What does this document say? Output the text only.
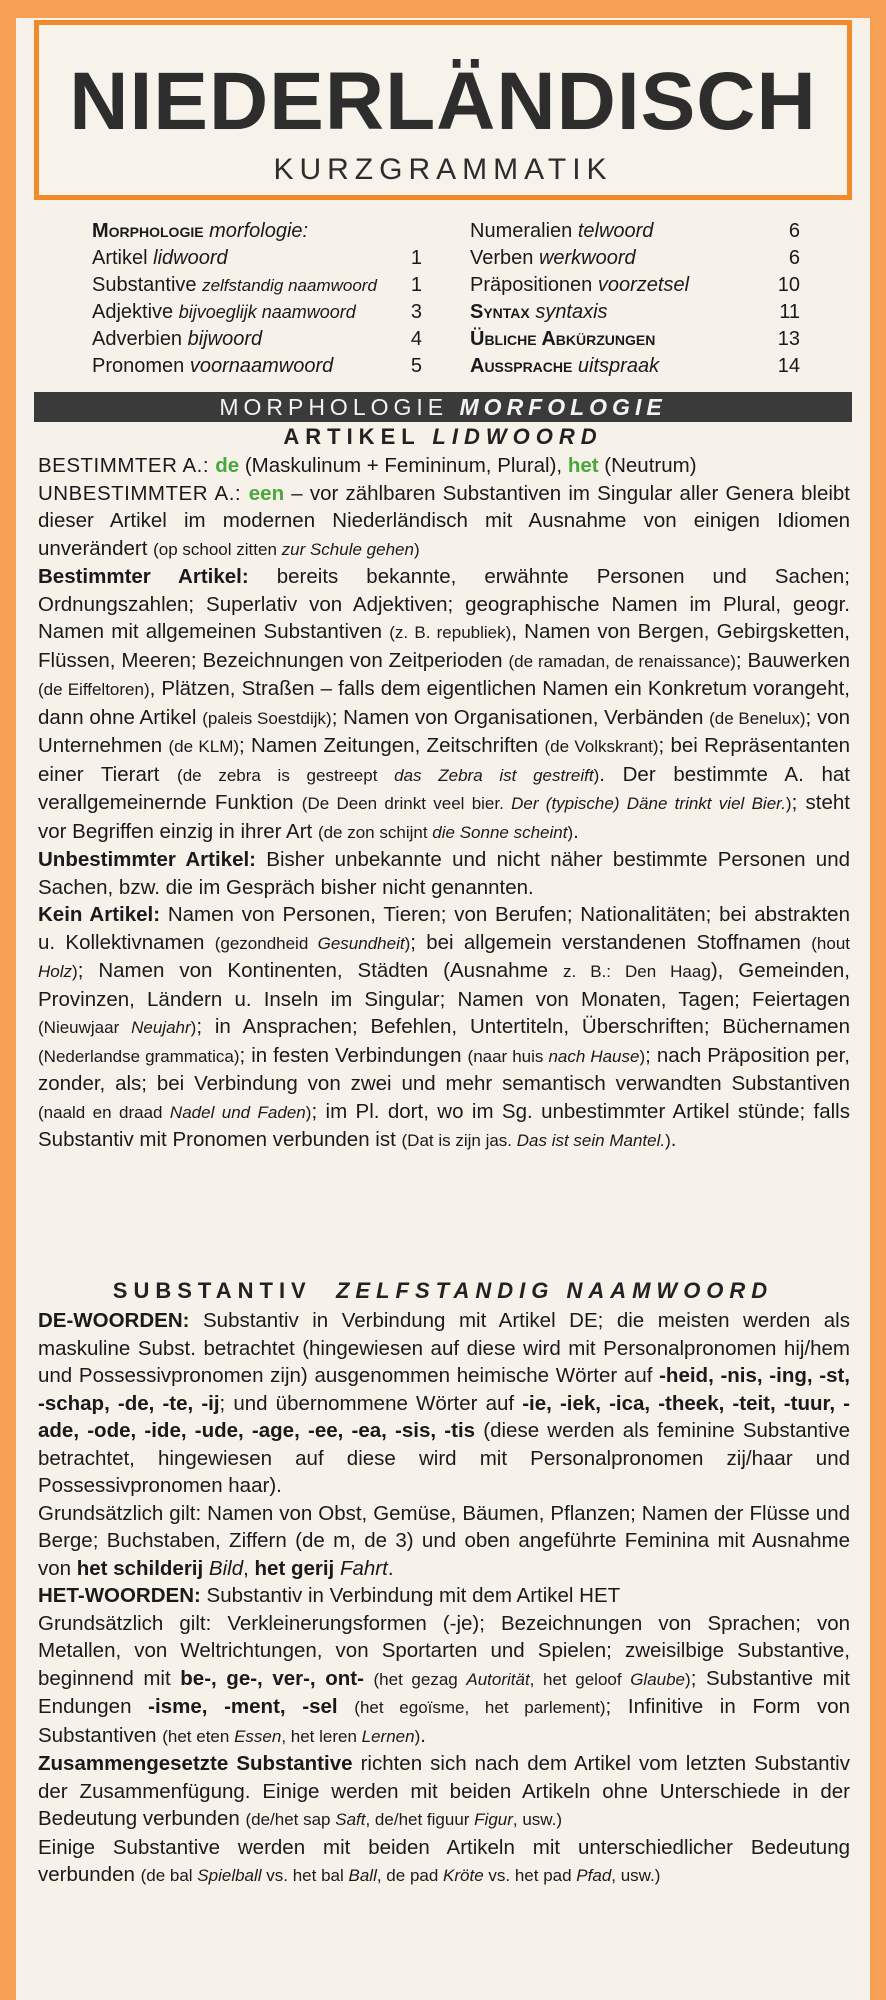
NIEDERLÄNDISCH
KURZGRAMMATIK
Morphologie morfologie:
Artikel lidwoord	1
Substantive zelfstandig naamwoord 1
Adjektive bijvoeglijk naamwoord	3
Adverbien bijwoord	4
Pronomen voornaamwoord	5
Numeralien telwoord	6
Verben werkwoord	6
Präpositionen voorzetsel	10
Syntax syntaxis	11
Übliche Abkürzungen	13
Aussprache uitspraak	14
MORPHOLOGIE MORFOLOGIE
ARTIKEL LIDWOORD

BESTIMMTER A.: de (Maskulinum + Femininum, Plural), het (Neutrum)

UNBESTIMMTER A.: een – vor zählbaren Substantiven im Singular aller Genera bleibt dieser Artikel im modernen Niederländisch mit Ausnahme von einigen Idiomen unverändert (op school zitten zur Schule gehen)

Bestimmter Artikel: bereits bekannte, erwähnte Personen und Sachen; Ordnungszahlen; Superlativ von Adjektiven; geographische Namen im Plural, geogr. Namen mit allgemeinen Substantiven (z. B. republiek), Namen von Bergen, Gebirgsketten, Flüssen, Meeren; Bezeichnungen von Zeitperioden (de ramadan, de renaissance); Bauwerken (de Eiffeltoren), Plätzen, Straßen – falls dem eigentlichen Namen ein Konkretum vorangeht, dann ohne Artikel (paleis Soestdijk); Namen von Organisationen, Verbänden (de Benelux); von Unternehmen (de KLM); Namen Zeitungen, Zeitschriften (de Volkskrant); bei Repräsentanten einer Tierart (de zebra is gestreept das Zebra ist gestreift). Der bestimmte A. hat verallgemeinernde Funktion (De Deen drinkt veel bier. Der (typische) Däne trinkt viel Bier.); steht vor Begriffen einzig in ihrer Art (de zon schijnt die Sonne scheint).

Unbestimmter Artikel: Bisher unbekannte und nicht näher bestimmte Personen und Sachen, bzw. die im Gespräch bisher nicht genannten.

Kein Artikel: Namen von Personen, Tieren; von Berufen; Nationalitäten; bei abstrakten u. Kollektivnamen (gezondheid Gesundheit); bei allgemein verstandenen Stoffnamen (hout Holz); Namen von Kontinenten, Städten (Ausnahme z. B.: Den Haag), Gemeinden, Provinzen, Ländern u. Inseln im Singular; Namen von Monaten, Tagen; Feiertagen (Nieuwjaar Neujahr); in Ansprachen; Befehlen, Untertiteln, Überschriften; Büchernamen (Nederlandse grammatica); in festen Verbindungen (naar huis nach Hause); nach Präposition per, zonder, als; bei Verbindung von zwei und mehr semantisch verwandten Substantiven (naald en draad Nadel und Faden); im Pl. dort, wo im Sg. unbestimmter Artikel stünde; falls Substantiv mit Pronomen verbunden ist (Dat is zijn jas. Das ist sein Mantel.).

SUBSTANTIV ZELFSTANDIG NAAMWOORD

DE-WOORDEN: Substantiv in Verbindung mit Artikel DE; die meisten werden als maskuline Subst. betrachtet (hingewiesen auf diese wird mit Personalpronomen hij/hem und Possessivpronomen zijn) ausgenommen heimische Wörter auf -heid, -nis, -ing, -st, -schap, -de, -te, -ij; und übernommene Wörter auf -ie, -iek, -ica, -theek, -teit, -tuur, -ade, -ode, -ide, -ude, -age, -ee, -ea, -sis, -tis (diese werden als feminine Substantive betrachtet, hingewiesen auf diese wird mit Personalpronomen zij/haar und Possessivpronomen haar).

Grundsätzlich gilt: Namen von Obst, Gemüse, Bäumen, Pflanzen; Namen der Flüsse und Berge; Buchstaben, Ziffern (de m, de 3) und oben angeführte Feminina mit Ausnahme von het schilderij Bild, het gerij Fahrt.

HET-WOORDEN: Substantiv in Verbindung mit dem Artikel HET

Grundsätzlich gilt: Verkleinerungsformen (-je); Bezeichnungen von Sprachen; von Metallen, von Weltrichtungen, von Sportarten und Spielen; zweisilbige Substantive, beginnend mit be-, ge-, ver-, ont- (het gezag Autorität, het geloof Glaube); Substantive mit Endungen -isme, -ment, -sel (het egoïsme, het parlement); Infinitive in Form von Substantiven (het eten Essen, het leren Lernen).

Zusammengesetzte Substantive richten sich nach dem Artikel vom letzten Substantiv der Zusammenfügung. Einige werden mit beiden Artikeln ohne Unterschiede in der Bedeutung verbunden (de/het sap Saft, de/het figuur Figur, usw.)

Einige Substantive werden mit beiden Artikeln mit unterschiedlicher Bedeutung verbunden (de bal Spielball vs. het bal Ball, de pad Kröte vs. het pad Pfad, usw.)
